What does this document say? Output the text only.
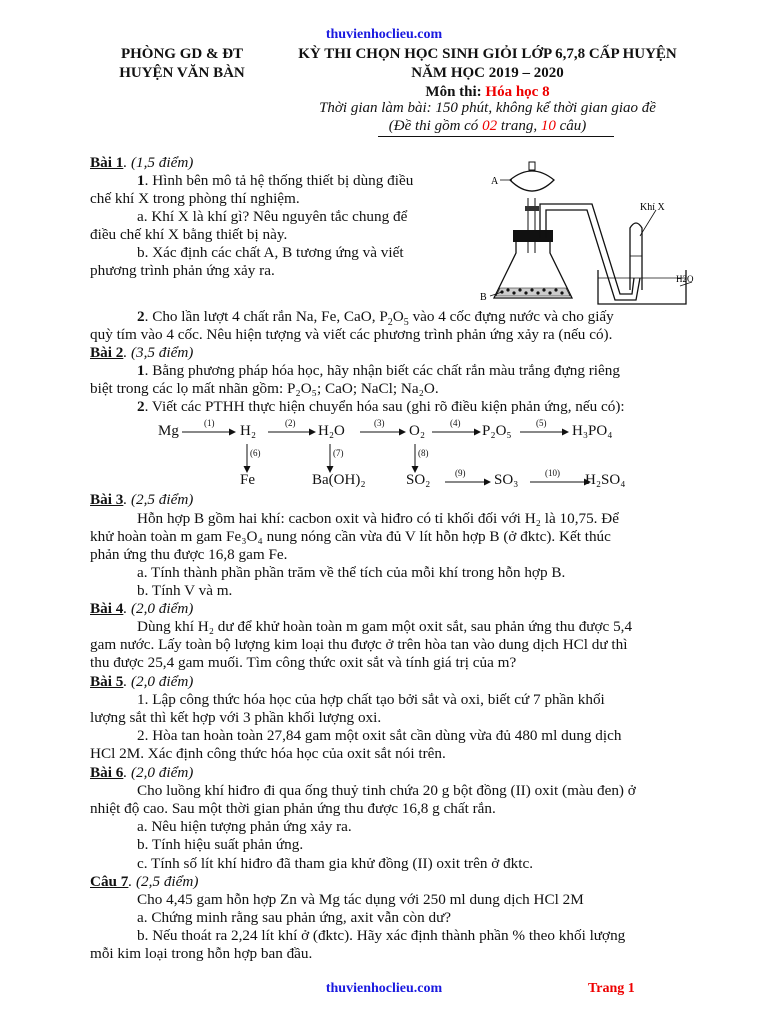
thuvienhoclieu.com
PHÒNG GD & ĐT
HUYỆN VĂN BÀN
KỲ THI CHỌN HỌC SINH GIỎI LỚP 6,7,8 CẤP HUYỆN
NĂM HỌC 2019 – 2020
Môn thi: Hóa học 8
Thời gian làm bài: 150 phút, không kể thời gian giao đề
(Đề thi gồm có 02 trang, 10 câu)
A
B
Khí X
H2O
Bài 1. (1,5 điểm)
1. Hình bên mô tả hệ thống thiết bị dùng điều
chế khí X trong phòng thí nghiệm.
a. Khí X là khí gì? Nêu nguyên tắc chung để
điều chế khí X bằng thiết bị này.
b. Xác định các chất A, B tương ứng và viết
phương trình phản ứng xảy ra.
2. Cho lần lượt 4 chất rắn Na, Fe, CaO, $P_2O_5$ vào 4 cốc đựng nước và cho giấy
quỳ tím vào 4 cốc. Nêu hiện tượng và viết các phương trình phản ứng xảy ra (nếu có).
Bài 2. (3,5 điểm)
1. Bằng phương pháp hóa học, hãy nhận biết các chất rắn màu trắng đựng riêng
biệt trong các lọ mất nhãn gồm: P₂O₅; CaO; NaCl; Na₂O.
2. Viết các PTHH thực hiện chuyển hóa sau (ghi rõ điều kiện phản ứng, nếu có):
Mg	H₂	H₂O	O₂	P₂O₅	H₃PO₄
Fe	Ba(OH)₂	SO₂	SO₃	H₂SO₄
(1)	(2)	(3)	(4)	(5)
(6)	(7)	(8)
(9)	(10)
Bài 3. (2,5 điểm)
Hỗn hợp B gồm hai khí: cacbon oxit và hiđro có tỉ khối đối với H₂ là 10,75. Để
khử hoàn toàn m gam Fe₃O₄ nung nóng cần vừa đủ V lít hỗn hợp B (ở đktc). Kết thúc
phản ứng thu được 16,8 gam Fe.
a. Tính thành phần phần trăm về thể tích của mỗi khí trong hỗn hợp B.
b. Tính V và m.
Bài 4. (2,0 điểm)
Dùng khí H₂ dư để khử hoàn toàn m gam một oxit sắt, sau phản ứng thu được 5,4
gam nước. Lấy toàn bộ lượng kim loại thu được ở trên hòa tan vào dung dịch HCl dư thì
thu được 25,4 gam muối. Tìm công thức oxit sắt và tính giá trị của m?
Bài 5. (2,0 điểm)
1. Lập công thức hóa học của hợp chất tạo bởi sắt và oxi, biết cứ 7 phần khối
lượng sắt thì kết hợp với 3 phần khối lượng oxi.
2. Hòa tan hoàn toàn 27,84 gam một oxit sắt cần dùng vừa đủ 480 ml dung dịch
HCl 2M. Xác định công thức hóa học của oxit sắt nói trên.
Bài 6. (2,0 điểm)
Cho luồng khí hiđro đi qua ống thuỷ tinh chứa 20 g bột đồng (II) oxit (màu đen) ở
nhiệt độ cao. Sau một thời gian phản ứng thu được 16,8 g chất rắn.
a. Nêu hiện tượng phản ứng xảy ra.
b. Tính hiệu suất phản ứng.
c. Tính số lít khí hiđro đã tham gia khử đồng (II) oxit trên ở đktc.
Câu 7. (2,5 điểm)
Cho 4,45 gam hỗn hợp Zn và Mg tác dụng với 250 ml dung dịch HCl 2M
a. Chứng minh rằng sau phản ứng, axit vẫn còn dư?
b. Nếu thoát ra 2,24 lít khí ở (đktc). Hãy xác định thành phần % theo khối lượng
mỗi kim loại trong hỗn hợp ban đầu.
thuvienhoclieu.com	Trang 1
